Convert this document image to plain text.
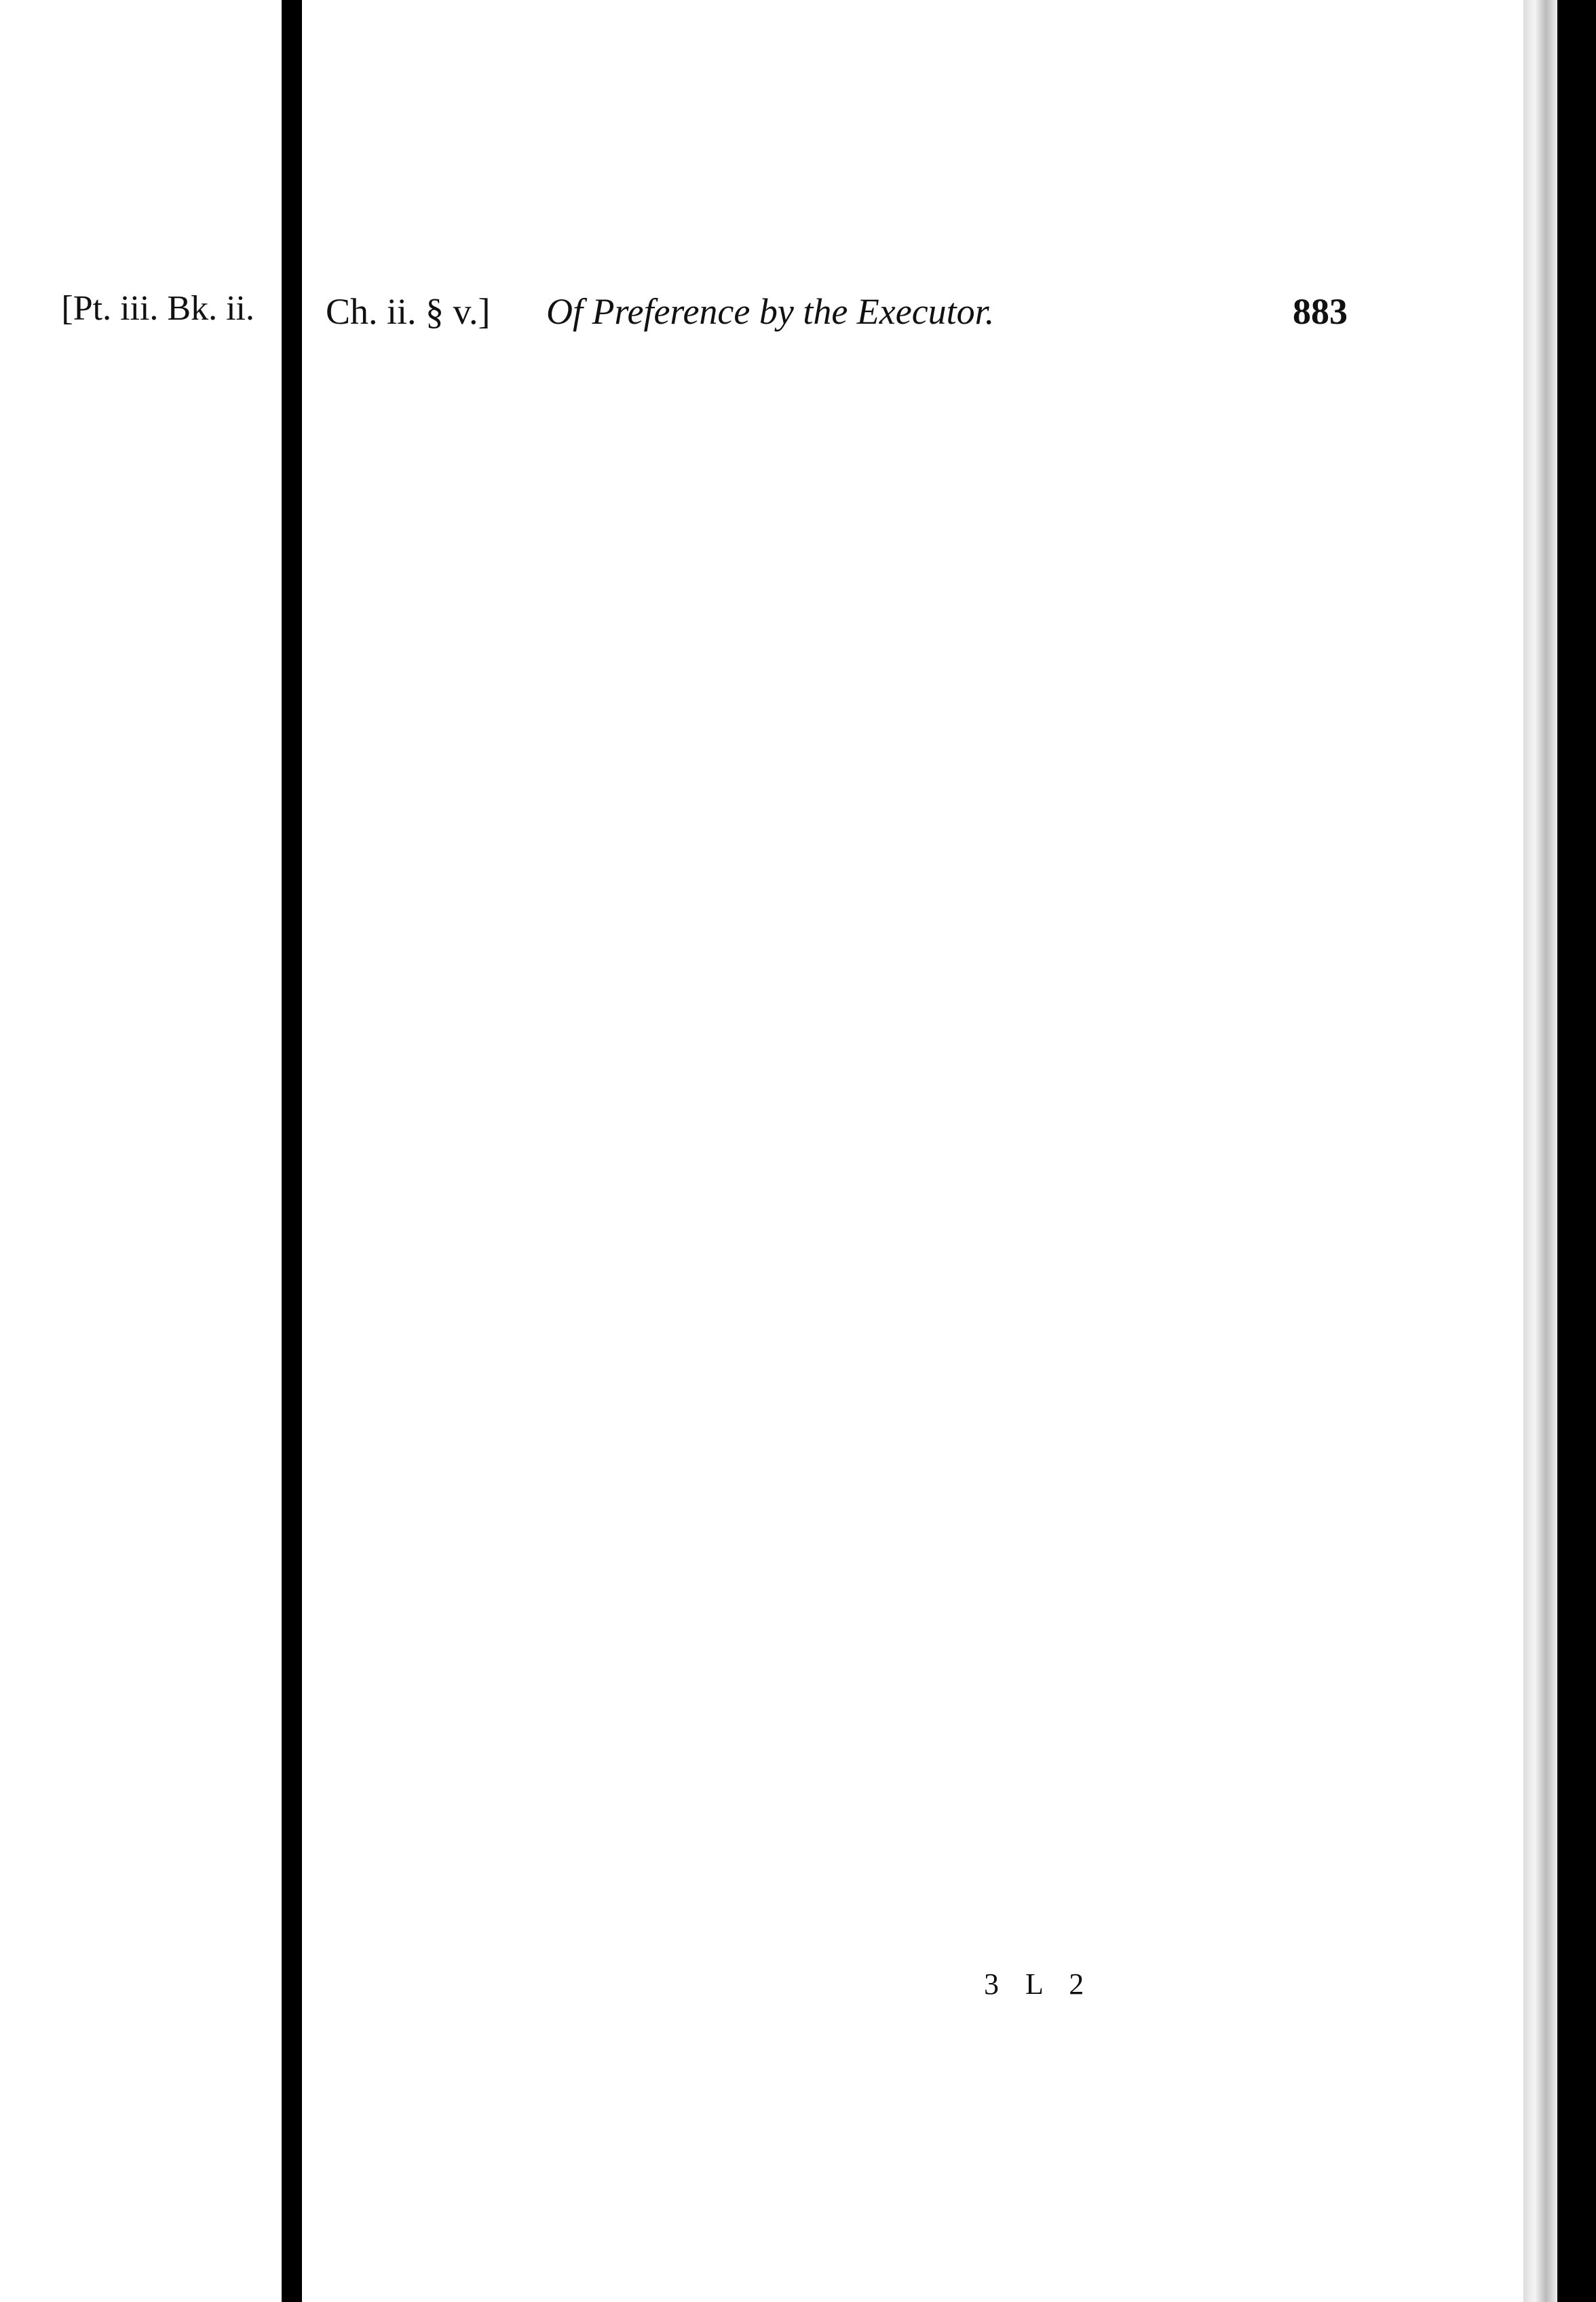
[Pt. iii. Bk. ii. Ch. ii. § v.] Of Preference by the Executor.	883
3 L 2
